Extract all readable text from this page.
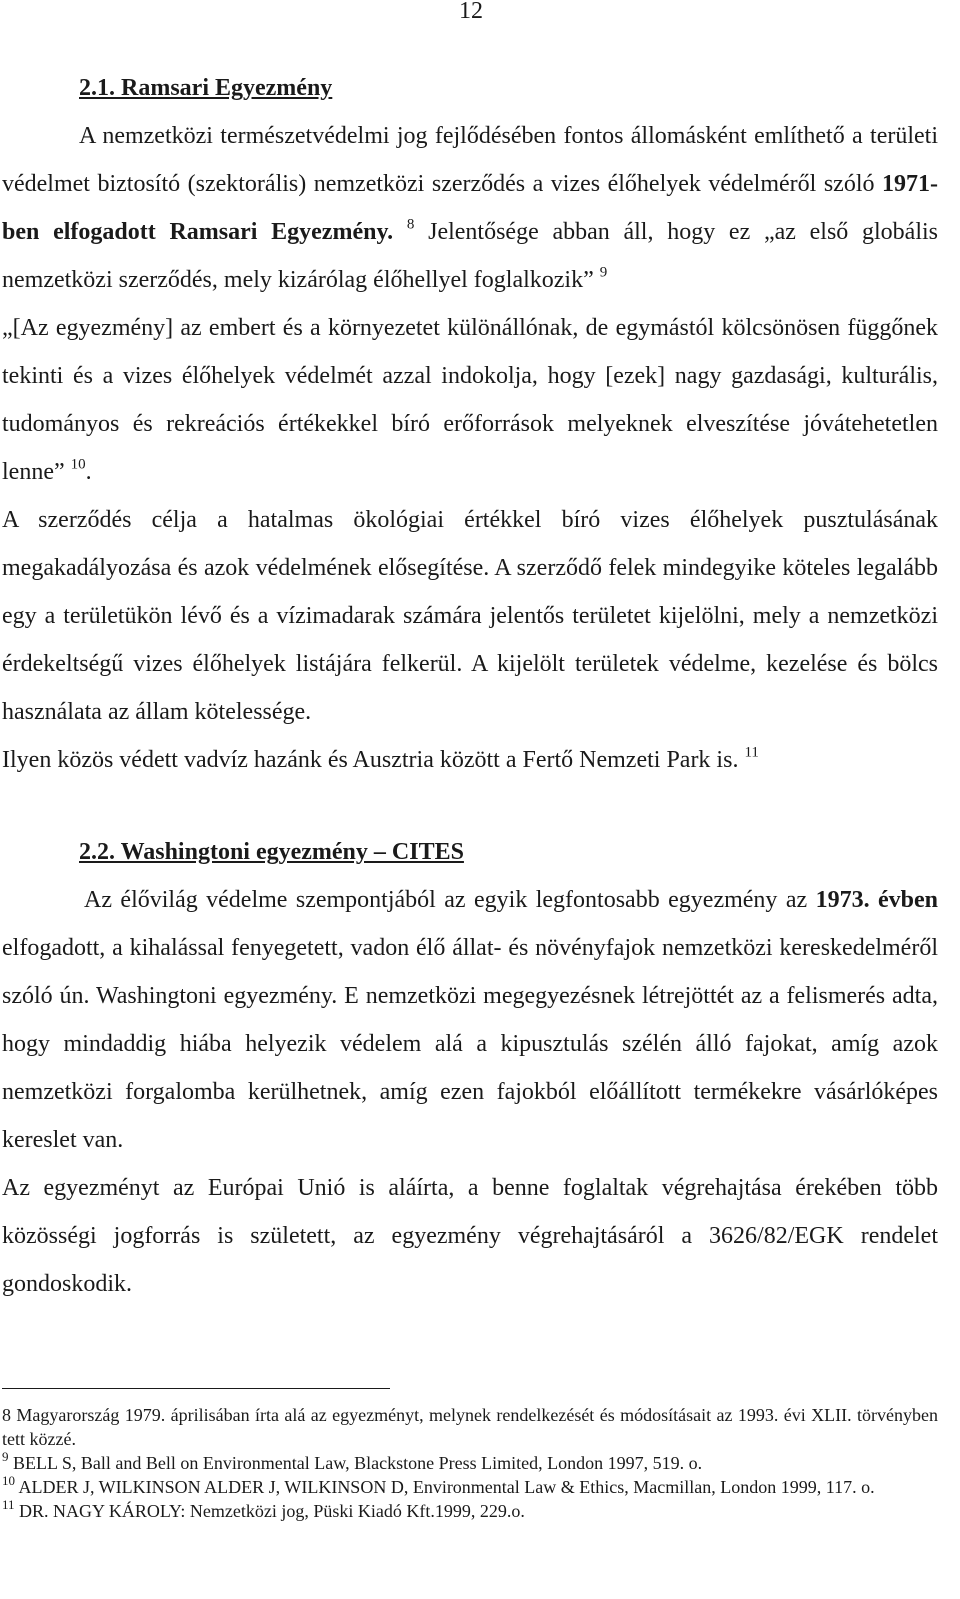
12
2.1. Ramsari Egyezmény

A nemzetközi természetvédelmi jog fejlődésében fontos állomásként említhető a területi védelmet biztosító (szektorális) nemzetközi szerződés a vizes élőhelyek védelméről szóló 1971-ben elfogadott Ramsari Egyezmény. $^8$ Jelentősége abban áll, hogy ez „az első globális nemzetközi szerződés, mely kizárólag élőhellyel foglalkozik” $^9$

„[Az egyezmény] az embert és a környezetet különállónak, de egymástól kölcsönösen függőnek tekinti és a vizes élőhelyek védelmét azzal indokolja, hogy [ezek] nagy gazdasági, kulturális, tudományos és rekreációs értékekkel bíró erőforrások melyeknek elveszítése jóvátehetetlen lenne” $^{10}$.

A szerződés célja a hatalmas ökológiai értékkel bíró vizes élőhelyek pusztulásának megakadályozása és azok védelmének elősegítése. A szerződő felek mindegyike köteles legalább egy a területükön lévő és a vízimadarak számára jelentős területet kijelölni, mely a nemzetközi érdekeltségű vizes élőhelyek listájára felkerül. A kijelölt területek védelme, kezelése és bölcs használata az állam kötelessége.

Ilyen közös védett vadvíz hazánk és Ausztria között a Fertő Nemzeti Park is. $^{11}$

2.2. Washingtoni egyezmény – CITES

Az élővilág védelme szempontjából az egyik legfontosabb egyezmény az 1973. évben elfogadott, a kihalással fenyegetett, vadon élő állat- és növényfajok nemzetközi kereskedelméről szóló ún. Washingtoni egyezmény. E nemzetközi megegyezésnek létrejöttét az a felismerés adta, hogy mindaddig hiába helyezik védelem alá a kipusztulás szélén álló fajokat, amíg azok nemzetközi forgalomba kerülhetnek, amíg ezen fajokból előállított termékekre vásárlóképes kereslet van.

Az egyezményt az Európai Unió is aláírta, a benne foglaltak végrehajtása érekében több közösségi jogforrás is született, az egyezmény végrehajtásáról a 3626/82/EGK rendelet gondoskodik.

8 Magyarország 1979. áprilisában írta alá az egyezményt, melynek rendelkezését és módosításait az 1993. évi XLII. törvényben tett közzé.

$^9$ BELL S, Ball and Bell on Environmental Law, Blackstone Press Limited, London 1997, 519. o.

$^{10}$ ALDER J, WILKINSON ALDER J, WILKINSON D, Environmental Law & Ethics, Macmillan, London 1999, 117. o.

$^{11}$ DR. NAGY KÁROLY: Nemzetközi jog, Püski Kiadó Kft.1999, 229.o.
